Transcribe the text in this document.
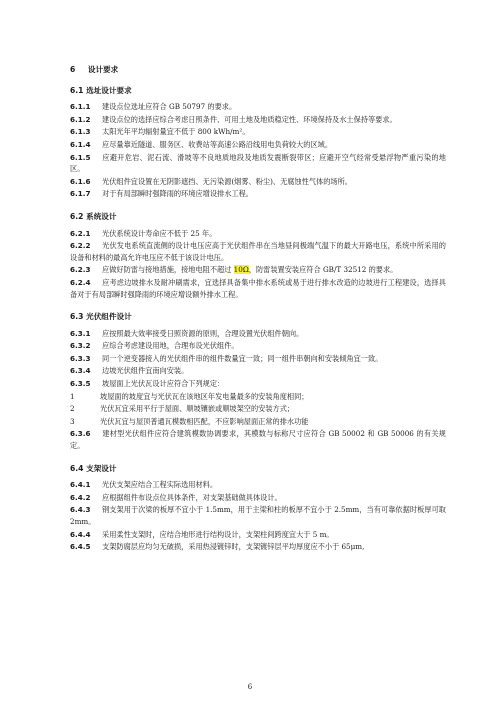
6 设计要求
6.1 选址设计要求
6.1.1 建设点位选址应符合 GB 50797 的要求。
6.1.2 建设点位的选择应综合考虑日照条件、可用土地及地质稳定性、环境保持及水土保持等要求。
6.1.3 太阳光年平均辐射量宜不低于 800 kWh/m²。
6.1.4 应尽量靠近隧道、服务区、收费站等高速公路沿线用电负荷较大的区域。
6.1.5 应避开危岩、泥石流、滑坡等不良地质地段及地质发震断裂带区；应避开空气经常受悬浮物严重污染的地区。
6.1.6 光伏组件宜设置在无阴影遮挡、无污染源(烟雾、粉尘)、无腐蚀性气体的场所。
6.1.7 对于有局部瞬时强降雨的环境应增设排水工程。
6.2 系统设计
6.2.1 光伏系统设计寿命应不低于 25 年。
6.2.2 光伏发电系统直流侧的设计电压应高于光伏组件串在当地昼间极端气温下的最大开路电压，系统中所采用的设备和材料的最高允许电压应不低于该设计电压。
6.2.3 应做好防雷与接地措施，接地电阻不超过 10Ω，防雷装置安装应符合 GB/T 32512 的要求。
6.2.4 应考虑边坡排水及耐冲刷需求，宜选择具备集中排水系统或易于进行排水改造的边坡进行工程建设，选择具备对于有局部瞬时强降雨的环境应增设额外排水工程。
6.3 光伏组件设计
6.3.1 应按照最大效率接受日照资源的原则，合理设置光伏组件朝向。
6.3.2 应综合考虑建设用地，合理布设光伏组件。
6.3.3 同一个逆变器接入的光伏组件串的组件数量宜一致；同一组件串朝向和安装倾角宜一致。
6.3.4 边坡光伏组件宜南向安装。
6.3.5 坡屋面上光伏瓦设计应符合下列规定：
1	坡屋面的坡度宜与光伏瓦在该地区年发电量最多的安装角度相同；
2	光伏瓦宜采用平行于屋面、顺坡镶嵌或顺坡架空的安装方式；
3	光伏瓦宜与屋顶普通瓦模数相匹配，不应影响屋面正常的排水功能
6.3.6 建材型光伏组件应符合建筑模数协调要求，其模数与标称尺寸应符合 GB 50002 和 GB 50006 的有关规定。
6.4 支架设计
6.4.1 光伏支架应结合工程实际选用材料。
6.4.2 应根据组件布设点位具体条件，对支架基础做具体设计。
6.4.3 钢支架用于次梁的板厚不宜小于 1.5mm，用于主梁和柱的板厚不宜小于 2.5mm，当有可靠依据时板厚可取 2mm。
6.4.4 采用柔性支架时，应结合地形进行结构设计，支架柱间跨度宜大于 5 m。
6.4.5 支架防腐层应均匀无破损，采用热浸镀锌时，支架镀锌层平均厚度应不小于 65μm,
6
